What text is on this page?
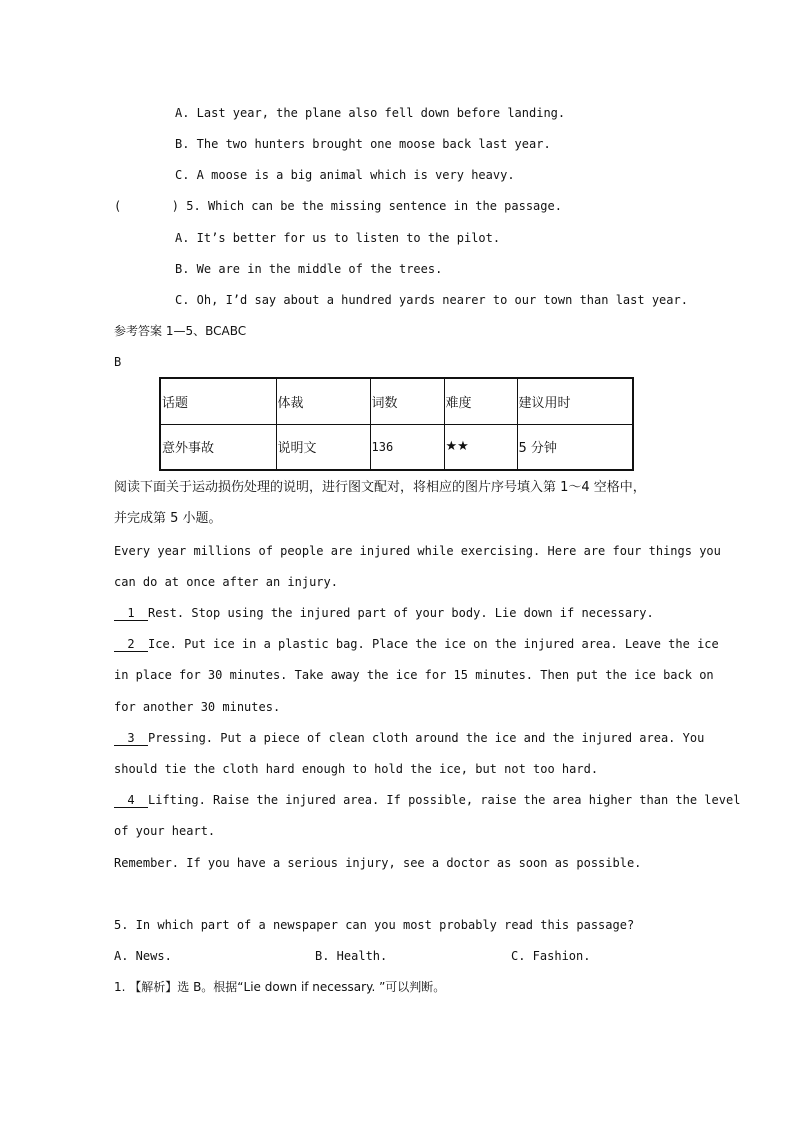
A. Last year, the plane also fell down before landing.
B. The two hunters brought one moose back last year.
C. A moose is a big animal which is very heavy.
(       ) 5. Which can be the missing sentence in the passage.
A. It’s better for us to listen to the pilot.
B. We are in the middle of the trees.
C. Oh, I’d say about a hundred yards nearer to our town than last year.
参考答案 1—5、BCABC
B
话题	体裁	词数	难度	建议用时
意外事故	说明文	136	★★	5 分钟
阅读下面关于运动损伤处理的说明，进行图文配对，将相应的图片序号填入第 1～4 空格中，
并完成第 5 小题。
Every year millions of people are injured while exercising. Here are four things you
can do at once after an injury.
1 Rest. Stop using the injured part of your body. Lie down if necessary.
2 Ice. Put ice in a plastic bag. Place the ice on the injured area. Leave the ice
in place for 30 minutes. Take away the ice for 15 minutes. Then put the ice back on
for another 30 minutes.
3 Pressing. Put a piece of clean cloth around the ice and the injured area. You
should tie the cloth hard enough to hold the ice, but not too hard.
4 Lifting. Raise the injured area. If possible, raise the area higher than the level
of your heart.
Remember. If you have a serious injury, see a doctor as soon as possible.
5. In which part of a newspaper can you most probably read this passage?
A. News.	B. Health.	C. Fashion.
1. 【解析】选 B。根据“Lie down if necessary. ”可以判断。
